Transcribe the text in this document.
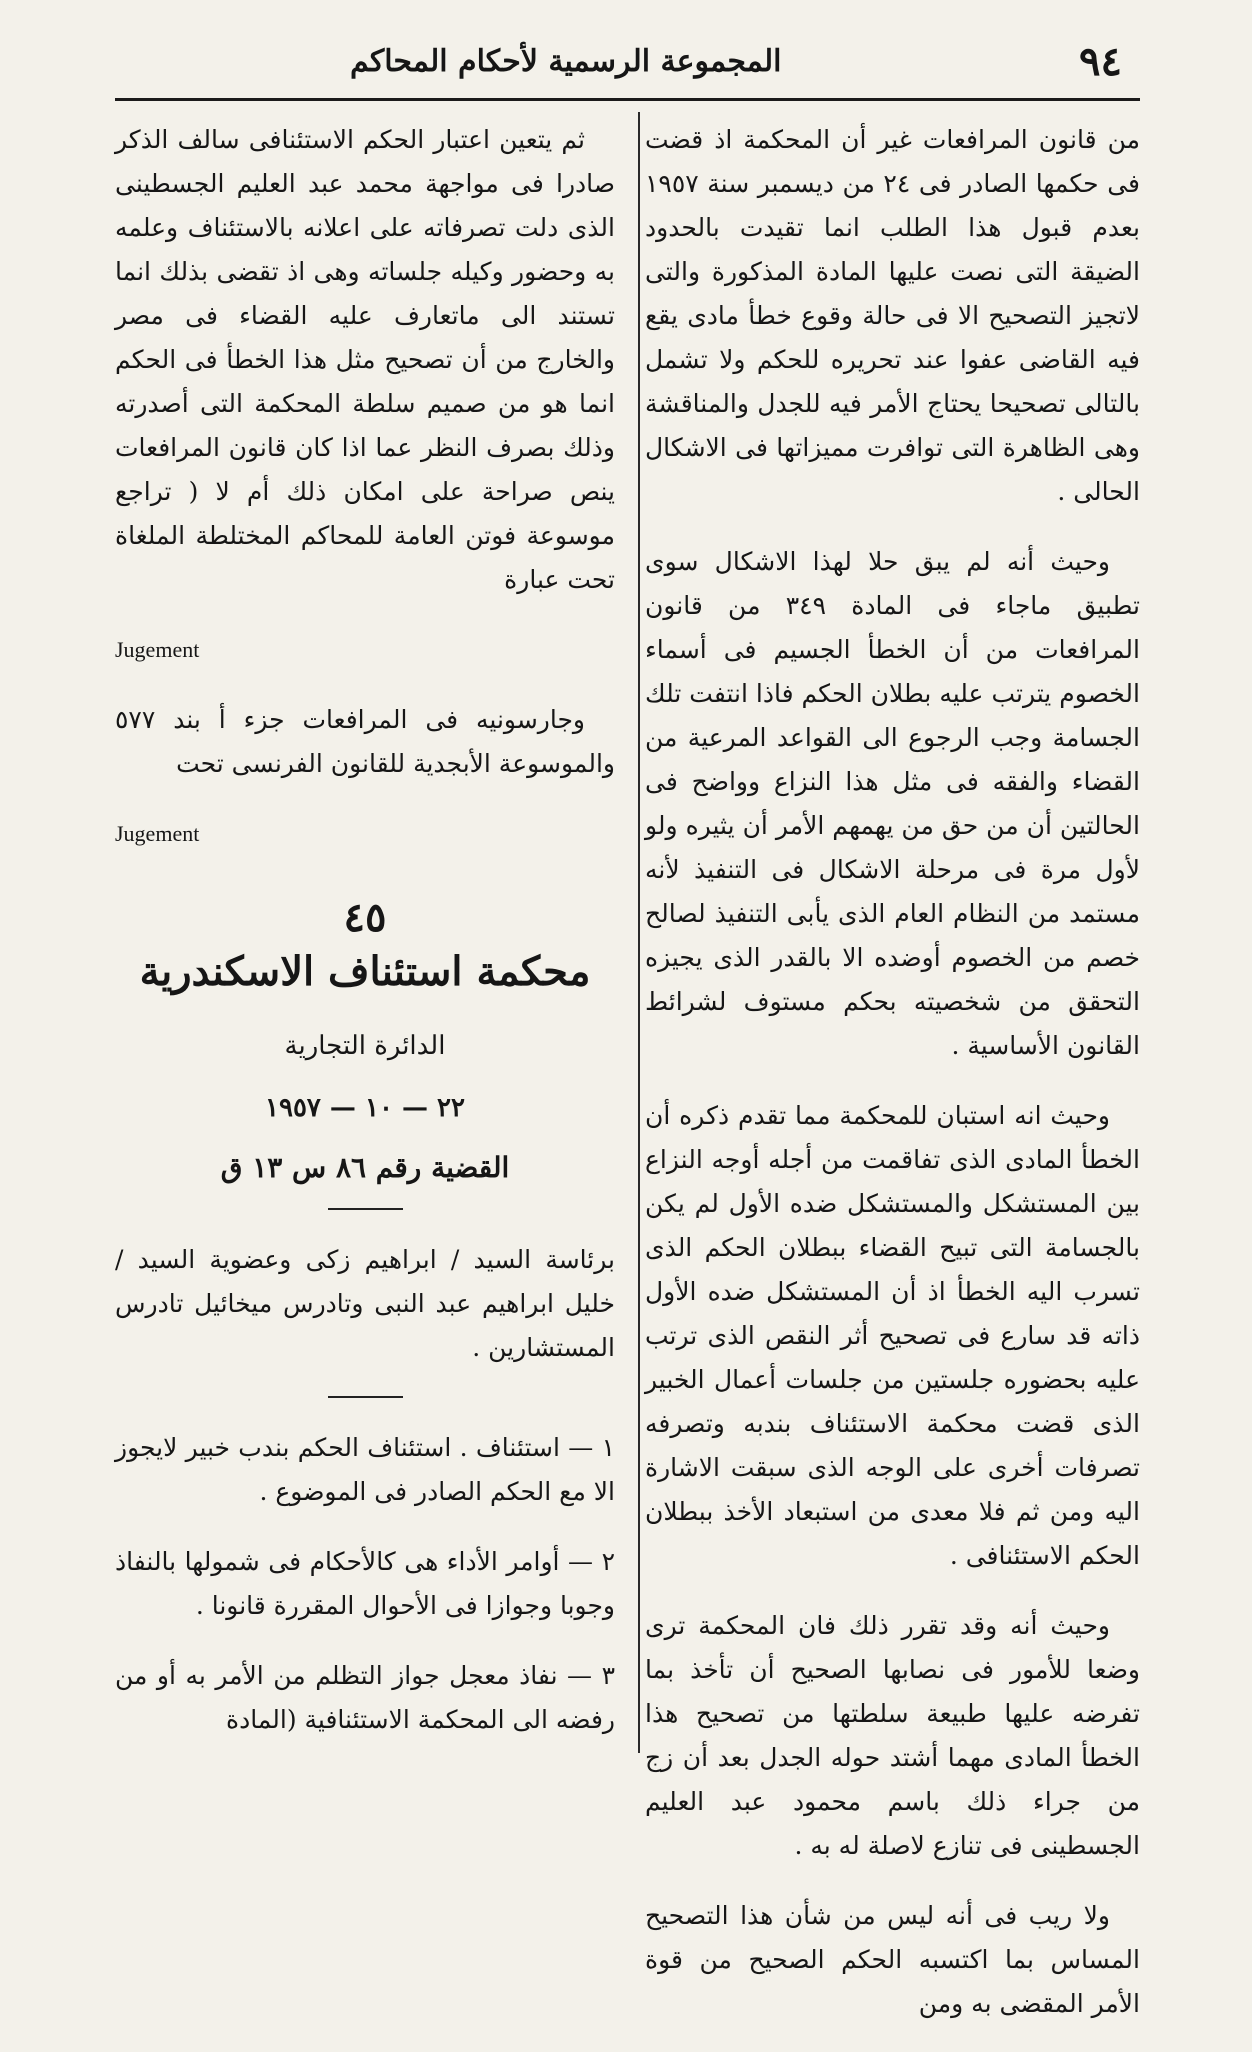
٩٤
المجموعة الرسمية لأحكام المحاكم

من قانون المرافعات غير أن المحكمة اذ قضت فى حكمها الصادر فى ٢٤ من ديسمبر سنة ١٩٥٧ بعدم قبول هذا الطلب انما تقيدت بالحدود الضيقة التى نصت عليها المادة المذكورة والتى لاتجيز التصحيح الا فى حالة وقوع خطأ مادى يقع فيه القاضى عفوا عند تحريره للحكم ولا تشمل بالتالى تصحيحا يحتاج الأمر فيه للجدل والمناقشة وهى الظاهرة التى توافرت مميزاتها فى الاشكال الحالى .

وحيث أنه لم يبق حلا لهذا الاشكال سوى تطبيق ماجاء فى المادة ٣٤٩ من قانون المرافعات من أن الخطأ الجسيم فى أسماء الخصوم يترتب عليه بطلان الحكم فاذا انتفت تلك الجسامة وجب الرجوع الى القواعد المرعية من القضاء والفقه فى مثل هذا النزاع وواضح فى الحالتين أن من حق من يهمهم الأمر أن يثيره ولو لأول مرة فى مرحلة الاشكال فى التنفيذ لأنه مستمد من النظام العام الذى يأبى التنفيذ لصالح خصم من الخصوم أوضده الا بالقدر الذى يجيزه التحقق من شخصيته بحكم مستوف لشرائط القانون الأساسية .

وحيث انه استبان للمحكمة مما تقدم ذكره أن الخطأ المادى الذى تفاقمت من أجله أوجه النزاع بين المستشكل والمستشكل ضده الأول لم يكن بالجسامة التى تبيح القضاء ببطلان الحكم الذى تسرب اليه الخطأ اذ أن المستشكل ضده الأول ذاته قد سارع فى تصحيح أثر النقص الذى ترتب عليه بحضوره جلستين من جلسات أعمال الخبير الذى قضت محكمة الاستئناف بندبه وتصرفه تصرفات أخرى على الوجه الذى سبقت الاشارة اليه ومن ثم فلا معدى من استبعاد الأخذ ببطلان الحكم الاستئنافى .

وحيث أنه وقد تقرر ذلك فان المحكمة ترى وضعا للأمور فى نصابها الصحيح أن تأخذ بما تفرضه عليها طبيعة سلطتها من تصحيح هذا الخطأ المادى مهما أشتد حوله الجدل بعد أن زج من جراء ذلك باسم محمود عبد العليم الجسطينى فى تنازع لاصلة له به .

ولا ريب فى أنه ليس من شأن هذا التصحيح المساس بما اكتسبه الحكم الصحيح من قوة الأمر المقضى به ومن

ثم يتعين اعتبار الحكم الاستئنافى سالف الذكر صادرا فى مواجهة محمد عبد العليم الجسطينى الذى دلت تصرفاته على اعلانه بالاستئناف وعلمه به وحضور وكيله جلساته وهى اذ تقضى بذلك انما تستند الى ماتعارف عليه القضاء فى مصر والخارج من أن تصحيح مثل هذا الخطأ فى الحكم انما هو من صميم سلطة المحكمة التى أصدرته وذلك بصرف النظر عما اذا كان قانون المرافعات ينص صراحة على امكان ذلك أم لا ( تراجع موسوعة فوتن العامة للمحاكم المختلطة الملغاة تحت عبارة

Jugement

وجارسونيه فى المرافعات جزء أ بند ٥٧٧ والموسوعة الأبجدية للقانون الفرنسى تحت

Jugement

٤٥
محكمة استئناف الاسكندرية
الدائرة التجارية
٢٢ — ١٠ — ١٩٥٧
القضية رقم ٨٦ س ١٣ ق

برئاسة السيد / ابراهيم زكى وعضوية السيد / خليل ابراهيم عبد النبى وتادرس ميخائيل تادرس المستشارين .

١ — استئناف . استئناف الحكم بندب خبير لايجوز الا مع الحكم الصادر فى الموضوع .

٢ — أوامر الأداء هى كالأحكام فى شمولها بالنفاذ وجوبا وجوازا فى الأحوال المقررة قانونا .

٣ — نفاذ معجل جواز التظلم من الأمر به أو من رفضه الى المحكمة الاستئنافية (المادة
